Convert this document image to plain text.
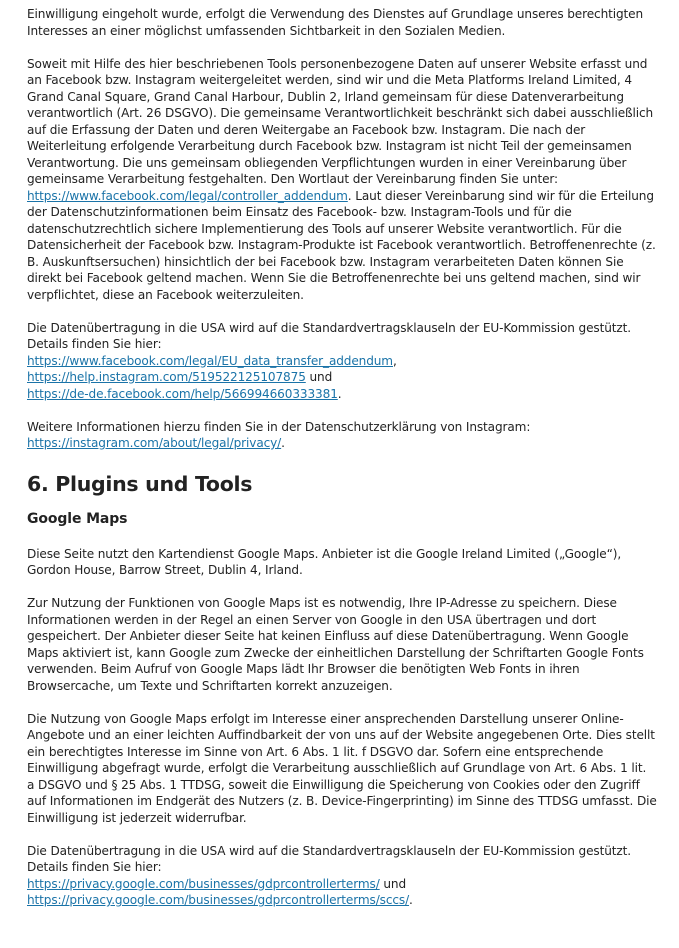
Einwilligung eingeholt wurde, erfolgt die Verwendung des Dienstes auf Grundlage unseres berechtigten Interesses an einer möglichst umfassenden Sichtbarkeit in den Sozialen Medien.

Soweit mit Hilfe des hier beschriebenen Tools personenbezogene Daten auf unserer Website erfasst und an Facebook bzw. Instagram weitergeleitet werden, sind wir und die Meta Platforms Ireland Limited, 4 Grand Canal Square, Grand Canal Harbour, Dublin 2, Irland gemeinsam für diese Datenverarbeitung verantwortlich (Art. 26 DSGVO). Die gemeinsame Verantwortlichkeit beschränkt sich dabei ausschließlich auf die Erfassung der Daten und deren Weitergabe an Facebook bzw. Instagram. Die nach der Weiterleitung erfolgende Verarbeitung durch Facebook bzw. Instagram ist nicht Teil der gemeinsamen Verantwortung. Die uns gemeinsam obliegenden Verpflichtungen wurden in einer Vereinbarung über gemeinsame Verarbeitung festgehalten. Den Wortlaut der Vereinbarung finden Sie unter: https://www.facebook.com/legal/controller_addendum. Laut dieser Vereinbarung sind wir für die Erteilung der Datenschutzinformationen beim Einsatz des Facebook- bzw. Instagram-Tools und für die datenschutzrechtlich sichere Implementierung des Tools auf unserer Website verantwortlich. Für die Datensicherheit der Facebook bzw. Instagram-Produkte ist Facebook verantwortlich. Betroffenenrechte (z. B. Auskunftsersuchen) hinsichtlich der bei Facebook bzw. Instagram verarbeiteten Daten können Sie direkt bei Facebook geltend machen. Wenn Sie die Betroffenenrechte bei uns geltend machen, sind wir verpflichtet, diese an Facebook weiterzuleiten.

Die Datenübertragung in die USA wird auf die Standardvertragsklauseln der EU-Kommission gestützt. Details finden Sie hier:
https://www.facebook.com/legal/EU_data_transfer_addendum,
https://help.instagram.com/519522125107875 und
https://de-de.facebook.com/help/566994660333381.

Weitere Informationen hierzu finden Sie in der Datenschutzerklärung von Instagram:
https://instagram.com/about/legal/privacy/.

6. Plugins und Tools
Google Maps

Diese Seite nutzt den Kartendienst Google Maps. Anbieter ist die Google Ireland Limited („Google“), Gordon House, Barrow Street, Dublin 4, Irland.

Zur Nutzung der Funktionen von Google Maps ist es notwendig, Ihre IP-Adresse zu speichern. Diese Informationen werden in der Regel an einen Server von Google in den USA übertragen und dort gespeichert. Der Anbieter dieser Seite hat keinen Einfluss auf diese Datenübertragung. Wenn Google Maps aktiviert ist, kann Google zum Zwecke der einheitlichen Darstellung der Schriftarten Google Fonts verwenden. Beim Aufruf von Google Maps lädt Ihr Browser die benötigten Web Fonts in ihren Browsercache, um Texte und Schriftarten korrekt anzuzeigen.

Die Nutzung von Google Maps erfolgt im Interesse einer ansprechenden Darstellung unserer Online-Angebote und an einer leichten Auffindbarkeit der von uns auf der Website angegebenen Orte. Dies stellt ein berechtigtes Interesse im Sinne von Art. 6 Abs. 1 lit. f DSGVO dar. Sofern eine entsprechende Einwilligung abgefragt wurde, erfolgt die Verarbeitung ausschließlich auf Grundlage von Art. 6 Abs. 1 lit. a DSGVO und § 25 Abs. 1 TTDSG, soweit die Einwilligung die Speicherung von Cookies oder den Zugriff auf Informationen im Endgerät des Nutzers (z. B. Device-Fingerprinting) im Sinne des TTDSG umfasst. Die Einwilligung ist jederzeit widerrufbar.

Die Datenübertragung in die USA wird auf die Standardvertragsklauseln der EU-Kommission gestützt. Details finden Sie hier:
https://privacy.google.com/businesses/gdprcontrollerterms/ und
https://privacy.google.com/businesses/gdprcontrollerterms/sccs/.
